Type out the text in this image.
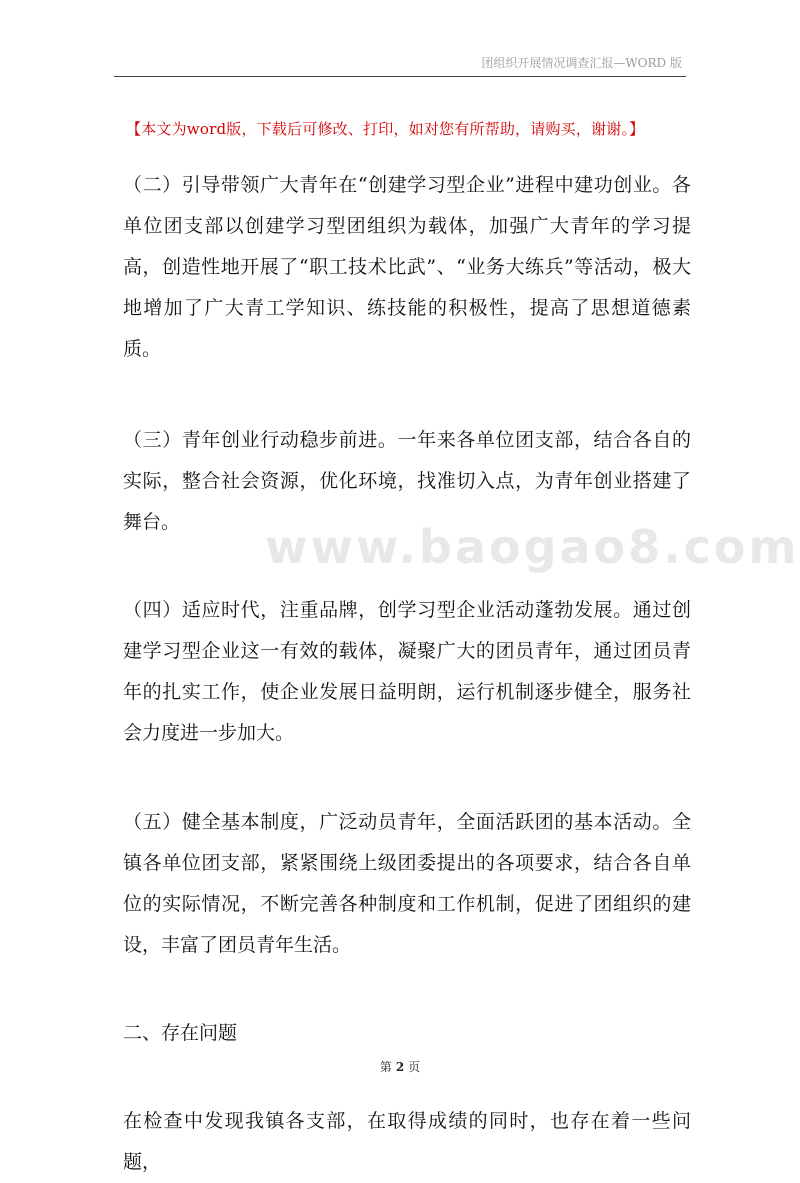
团组织开展情况调查汇报—WORD 版
【本文为word版，下载后可修改、打印，如对您有所帮助，请购买，谢谢。】

（二）引导带领广大青年在“创建学习型企业”进程中建功创业。各单位团支部以创建学习型团组织为载体，加强广大青年的学习提高，创造性地开展了“职工技术比武”、“业务大练兵”等活动，极大地增加了广大青工学知识、练技能的积极性，提高了思想道德素质。

（三）青年创业行动稳步前进。一年来各单位团支部，结合各自的实际，整合社会资源，优化环境，找准切入点，为青年创业搭建了舞台。

（四）适应时代，注重品牌，创学习型企业活动蓬勃发展。通过创建学习型企业这一有效的载体，凝聚广大的团员青年，通过团员青年的扎实工作，使企业发展日益明朗，运行机制逐步健全，服务社会力度进一步加大。

（五）健全基本制度，广泛动员青年，全面活跃团的基本活动。全镇各单位团支部，紧紧围绕上级团委提出的各项要求，结合各自单位的实际情况，不断完善各种制度和工作机制，促进了团组织的建设，丰富了团员青年生活。

二、存在问题

在检查中发现我镇各支部，在取得成绩的同时，也存在着一些问题，

www.baogao8.com
第 2 页
